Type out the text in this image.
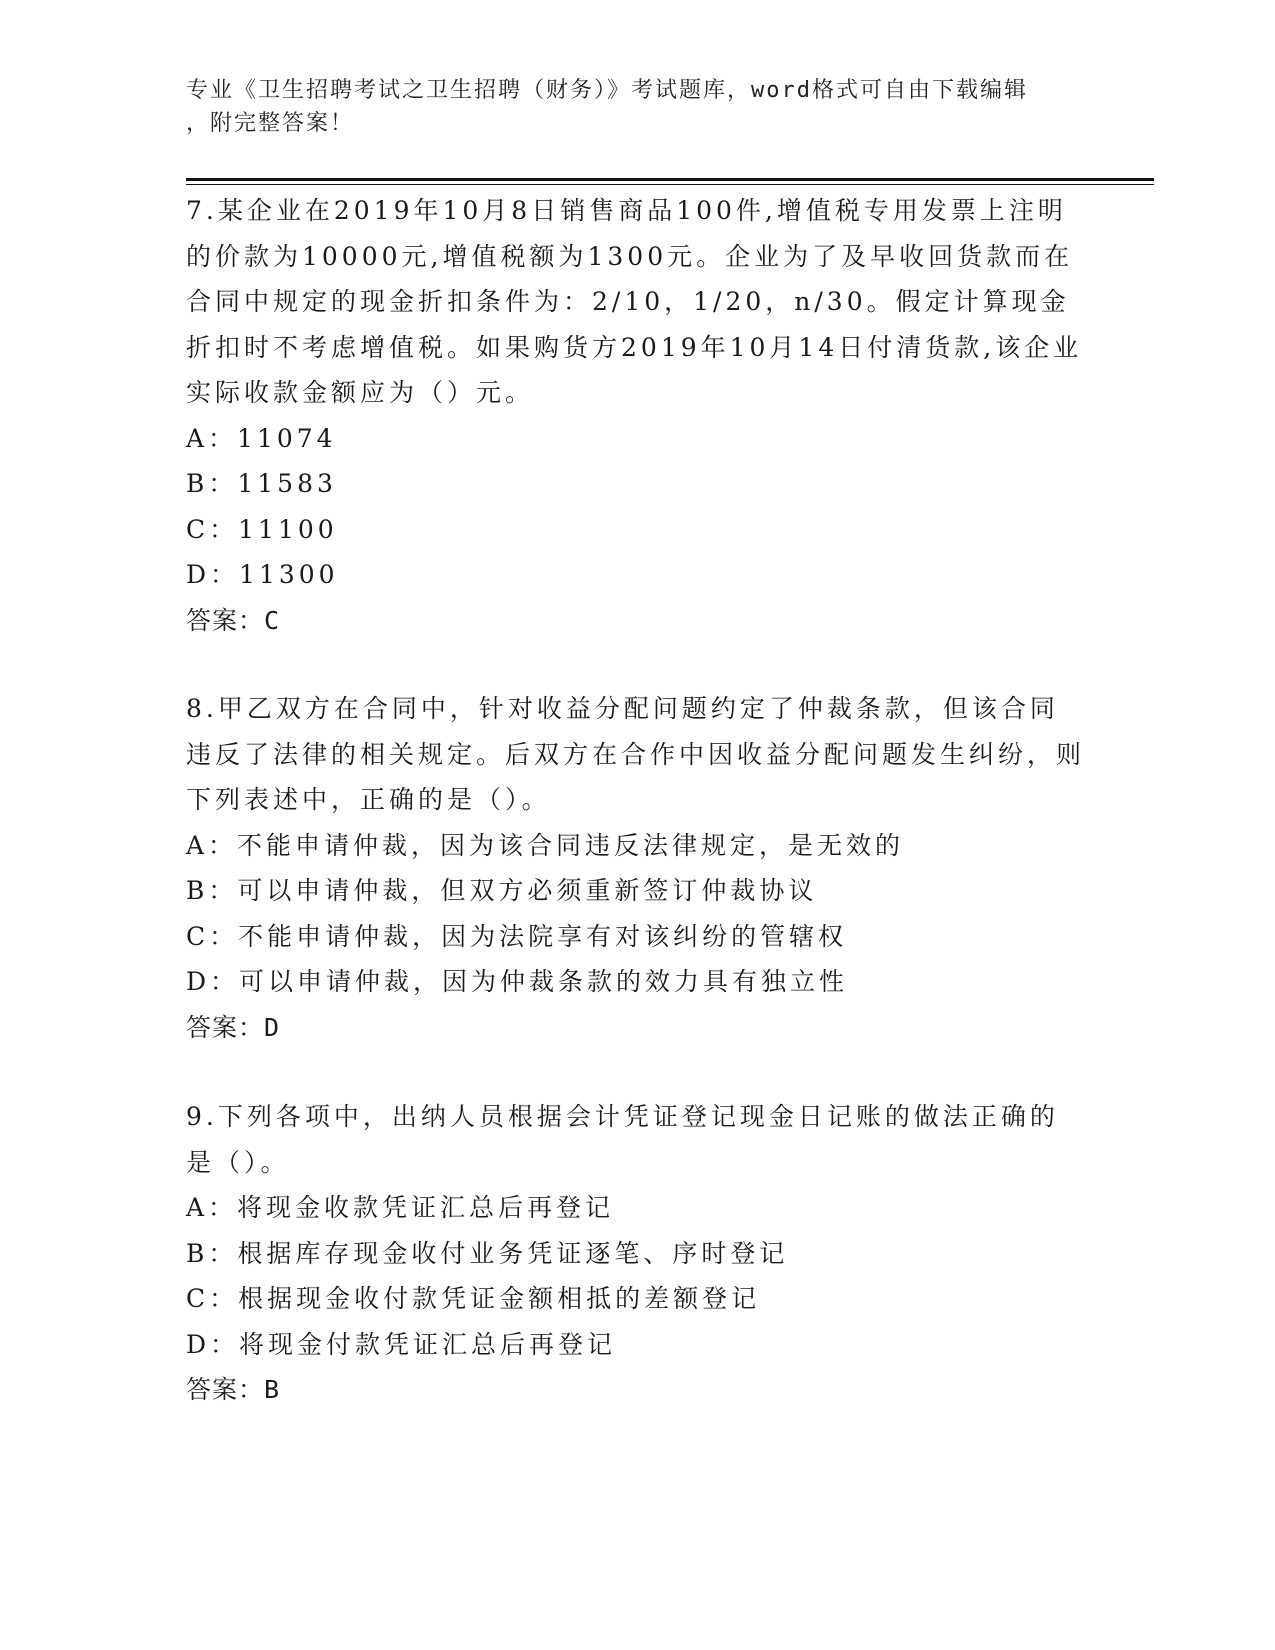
专业《卫生招聘考试之卫生招聘（财务）》考试题库，word格式可自由下载编辑
，附完整答案！
7.某企业在2019年10月8日销售商品100件,增值税专用发票上注明的价款为10000元,增值税额为1300元。企业为了及早收回货款而在合同中规定的现金折扣条件为：2/10，1/20，n/30。假定计算现金折扣时不考虑增值税。如果购货方2019年10月14日付清货款,该企业实际收款金额应为（）元。
A：11074
B：11583
C：11100
D：11300
答案：C
8.甲乙双方在合同中，针对收益分配问题约定了仲裁条款，但该合同违反了法律的相关规定。后双方在合作中因收益分配问题发生纠纷，则下列表述中，正确的是（）。
A：不能申请仲裁，因为该合同违反法律规定，是无效的
B：可以申请仲裁，但双方必须重新签订仲裁协议
C：不能申请仲裁，因为法院享有对该纠纷的管辖权
D：可以申请仲裁，因为仲裁条款的效力具有独立性
答案：D
9.下列各项中，出纳人员根据会计凭证登记现金日记账的做法正确的是（）。
A：将现金收款凭证汇总后再登记
B：根据库存现金收付业务凭证逐笔、序时登记
C：根据现金收付款凭证金额相抵的差额登记
D：将现金付款凭证汇总后再登记
答案：B
